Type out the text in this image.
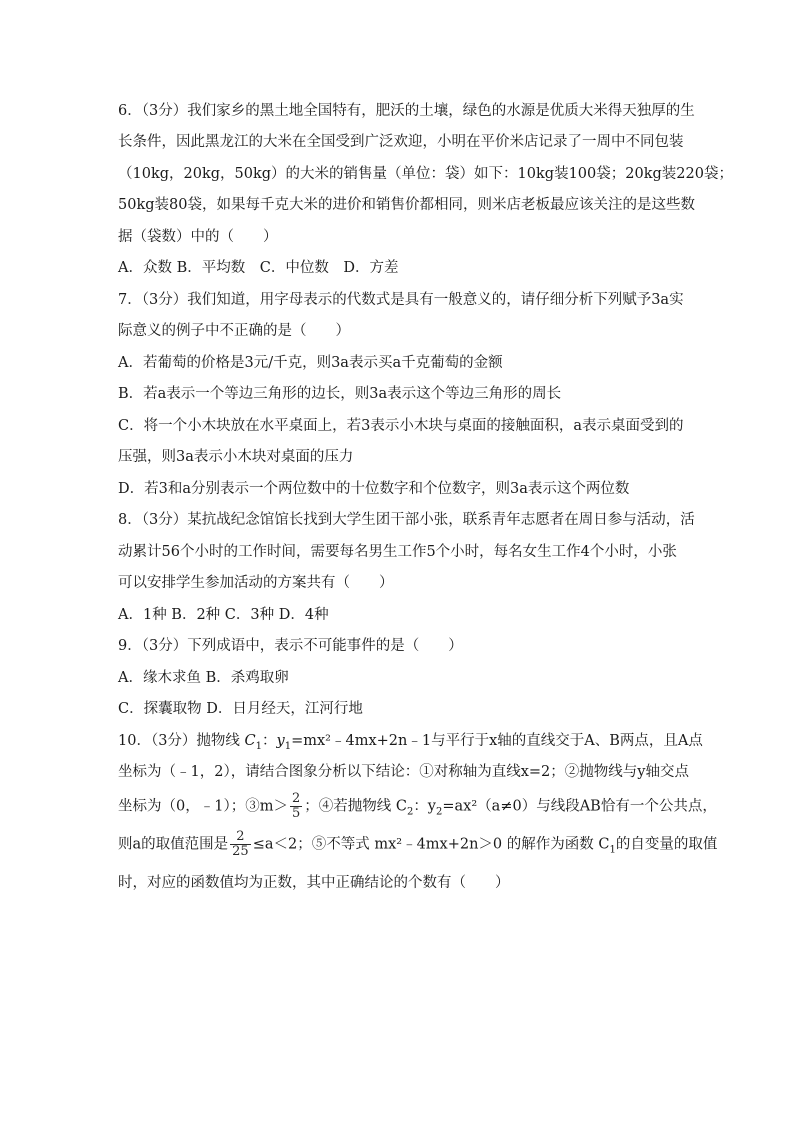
6．（3分）我们家乡的黑土地全国特有，肥沃的土壤，绿色的水源是优质大米得天独厚的生
长条件，因此黑龙江的大米在全国受到广泛欢迎，小明在平价米店记录了一周中不同包装
（10kg，20kg，50kg）的大米的销售量（单位：袋）如下：10kg装100袋；20kg装220袋；
50kg装80袋，如果每千克大米的进价和销售价都相同，则米店老板最应该关注的是这些数
据（袋数）中的（　　）
A．众数 B．平均数　C．中位数　D．方差
7．（3分）我们知道，用字母表示的代数式是具有一般意义的，请仔细分析下列赋予3a实
际意义的例子中不正确的是（　　）
A．若葡萄的价格是3元/千克，则3a表示买a千克葡萄的金额
B．若a表示一个等边三角形的边长，则3a表示这个等边三角形的周长
C．将一个小木块放在水平桌面上，若3表示小木块与桌面的接触面积，a表示桌面受到的
压强，则3a表示小木块对桌面的压力
D．若3和a分别表示一个两位数中的十位数字和个位数字，则3a表示这个两位数
8．（3分）某抗战纪念馆馆长找到大学生团干部小张，联系青年志愿者在周日参与活动，活
动累计56个小时的工作时间，需要每名男生工作5个小时，每名女生工作4个小时，小张
可以安排学生参加活动的方案共有（　　）
A．1种 B．2种 C．3种 D．4种
9．（3分）下列成语中，表示不可能事件的是（　　）
A．缘木求鱼 B．杀鸡取卵
C．探囊取物 D．日月经天，江河行地
10．（3分）抛物线 $C_1$：$y_1=mx^2﹣4mx+2n﹣1$与平行于x轴的直线交于A、B两点，且A点
坐标为（﹣1，2），请结合图象分析以下结论：①对称轴为直线x=2；②抛物线与y轴交点
坐标为（0，﹣1）；③m＞ $\frac{2}{5}$ ；④若抛物线 $C_2$：$y_2=ax^2(a\ne 0)$与线段AB恰有一个公共点，
则a的取值范围是 $\frac{2}{25} \le a<2$；⑤不等式 mx²﹣4mx+2n＞0 的解作为函数 $C_1$的自变量的取值
时，对应的函数值均为正数，其中正确结论的个数有（　　）
